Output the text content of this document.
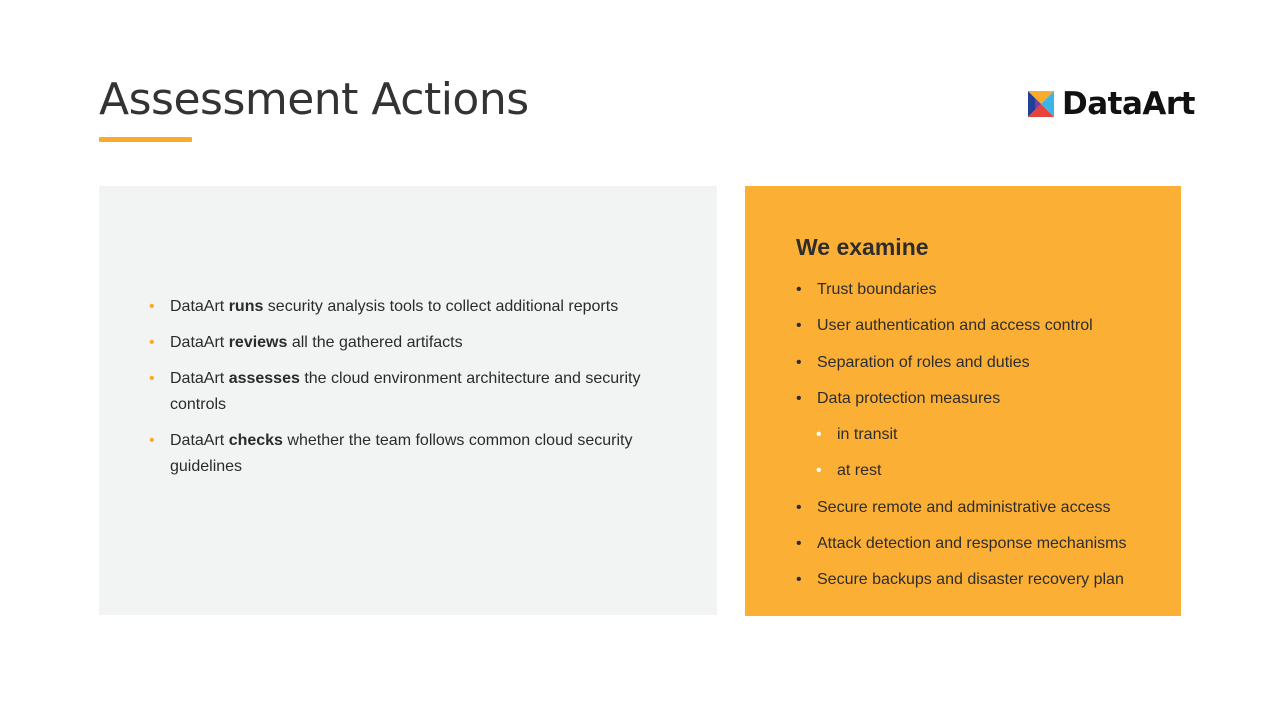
Assessment Actions	DataArt
• DataArt runs security analysis tools to collect additional reports
• DataArt reviews all the gathered artifacts
• DataArt assesses the cloud environment architecture and security controls
• DataArt checks whether the team follows common cloud security guidelines
We examine
• Trust boundaries
• User authentication and access control
• Separation of roles and duties
• Data protection measures
• in transit
• at rest
• Secure remote and administrative access
• Attack detection and response mechanisms
• Secure backups and disaster recovery plan
